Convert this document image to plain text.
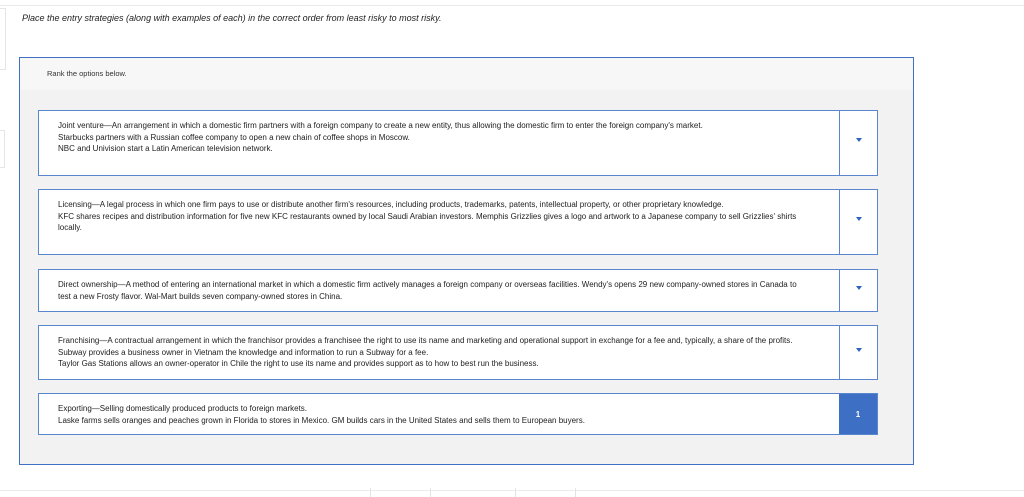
Place the entry strategies (along with examples of each) in the correct order from least risky to most risky.
Rank the options below.
Joint venture—An arrangement in which a domestic firm partners with a foreign company to create a new entity, thus allowing the domestic firm to enter the foreign company's market.
Starbucks partners with a Russian coffee company to open a new chain of coffee shops in Moscow.
NBC and Univision start a Latin American television network.
Licensing—A legal process in which one firm pays to use or distribute another firm's resources, including products, trademarks, patents, intellectual property, or other proprietary knowledge.
KFC shares recipes and distribution information for five new KFC restaurants owned by local Saudi Arabian investors. Memphis Grizzlies gives a logo and artwork to a Japanese company to sell Grizzlies' shirts locally.
Direct ownership—A method of entering an international market in which a domestic firm actively manages a foreign company or overseas facilities. Wendy's opens 29 new company-owned stores in Canada to test a new Frosty flavor. Wal-Mart builds seven company-owned stores in China.
Franchising—A contractual arrangement in which the franchisor provides a franchisee the right to use its name and marketing and operational support in exchange for a fee and, typically, a share of the profits. Subway provides a business owner in Vietnam the knowledge and information to run a Subway for a fee.
Taylor Gas Stations allows an owner-operator in Chile the right to use its name and provides support as to how to best run the business.
Exporting—Selling domestically produced products to foreign markets.
Laske farms sells oranges and peaches grown in Florida to stores in Mexico. GM builds cars in the United States and sells them to European buyers.
1
